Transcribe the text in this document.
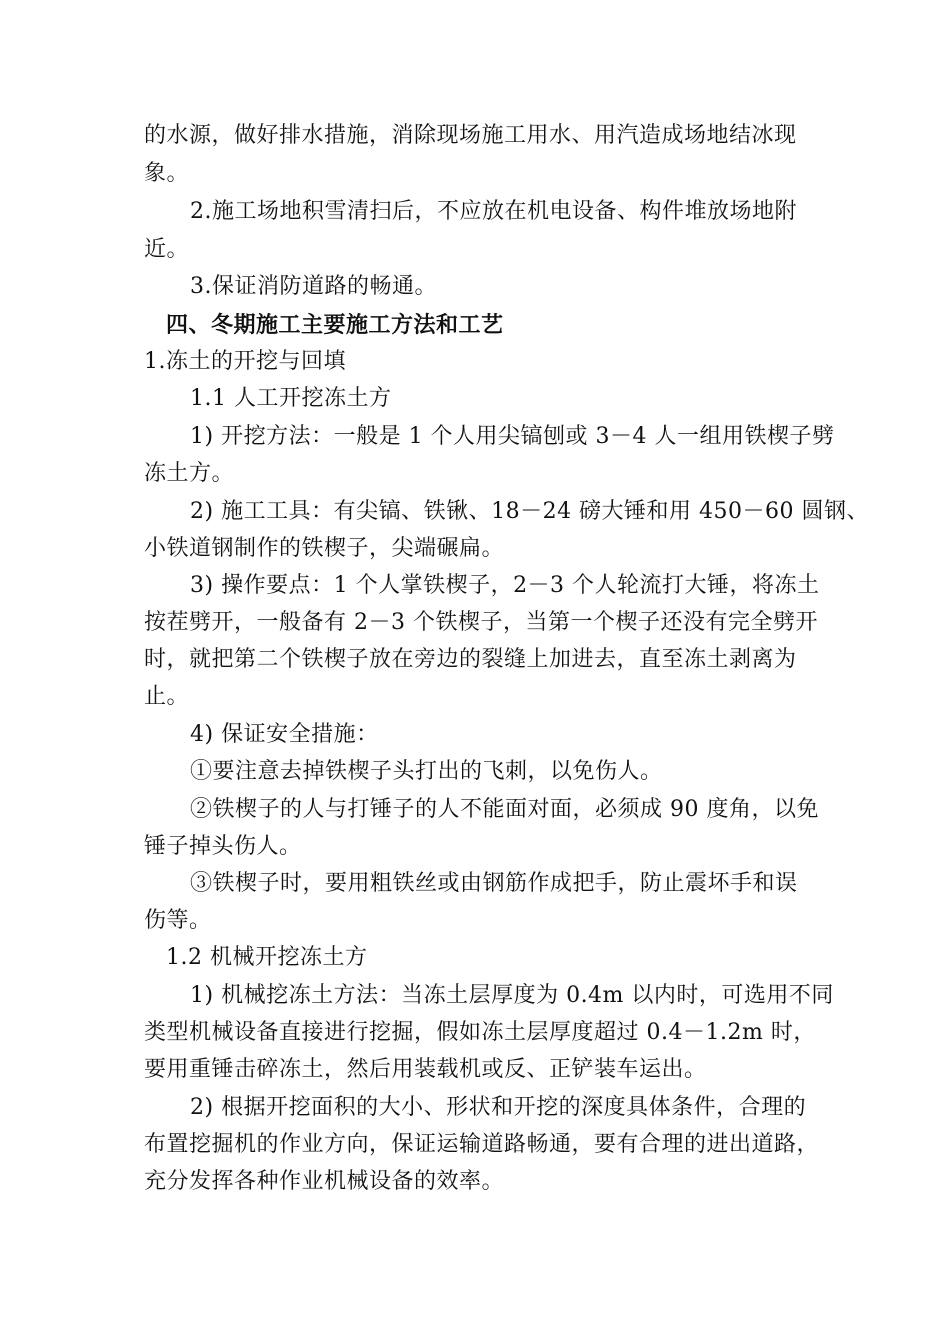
的水源，做好排水措施，消除现场施工用水、用汽造成场地结冰现
象。
2.施工场地积雪清扫后，不应放在机电设备、构件堆放场地附
近。
3.保证消防道路的畅通。
四、冬期施工主要施工方法和工艺
1.冻土的开挖与回填
1.1 人工开挖冻土方
1) 开挖方法：一般是 1 个人用尖镐刨或 3－4 人一组用铁楔子劈
冻土方。
2) 施工工具：有尖镐、铁锹、18－24 磅大锤和用 450－60 圆钢、
小铁道钢制作的铁楔子，尖端碾扁。
3) 操作要点：1 个人掌铁楔子，2－3 个人轮流打大锤，将冻土
按茬劈开，一般备有 2－3 个铁楔子，当第一个楔子还没有完全劈开
时，就把第二个铁楔子放在旁边的裂缝上加进去，直至冻土剥离为
止。
4) 保证安全措施：
①要注意去掉铁楔子头打出的飞刺，以免伤人。
②铁楔子的人与打锤子的人不能面对面，必须成 90 度角，以免
锤子掉头伤人。
③铁楔子时，要用粗铁丝或由钢筋作成把手，防止震坏手和误
伤等。
1.2 机械开挖冻土方
1) 机械挖冻土方法：当冻土层厚度为 0.4m 以内时，可选用不同
类型机械设备直接进行挖掘，假如冻土层厚度超过 0.4－1.2m 时，
要用重锤击碎冻土，然后用装载机或反、正铲装车运出。
2) 根据开挖面积的大小、形状和开挖的深度具体条件，合理的
布置挖掘机的作业方向，保证运输道路畅通，要有合理的进出道路，
充分发挥各种作业机械设备的效率。
